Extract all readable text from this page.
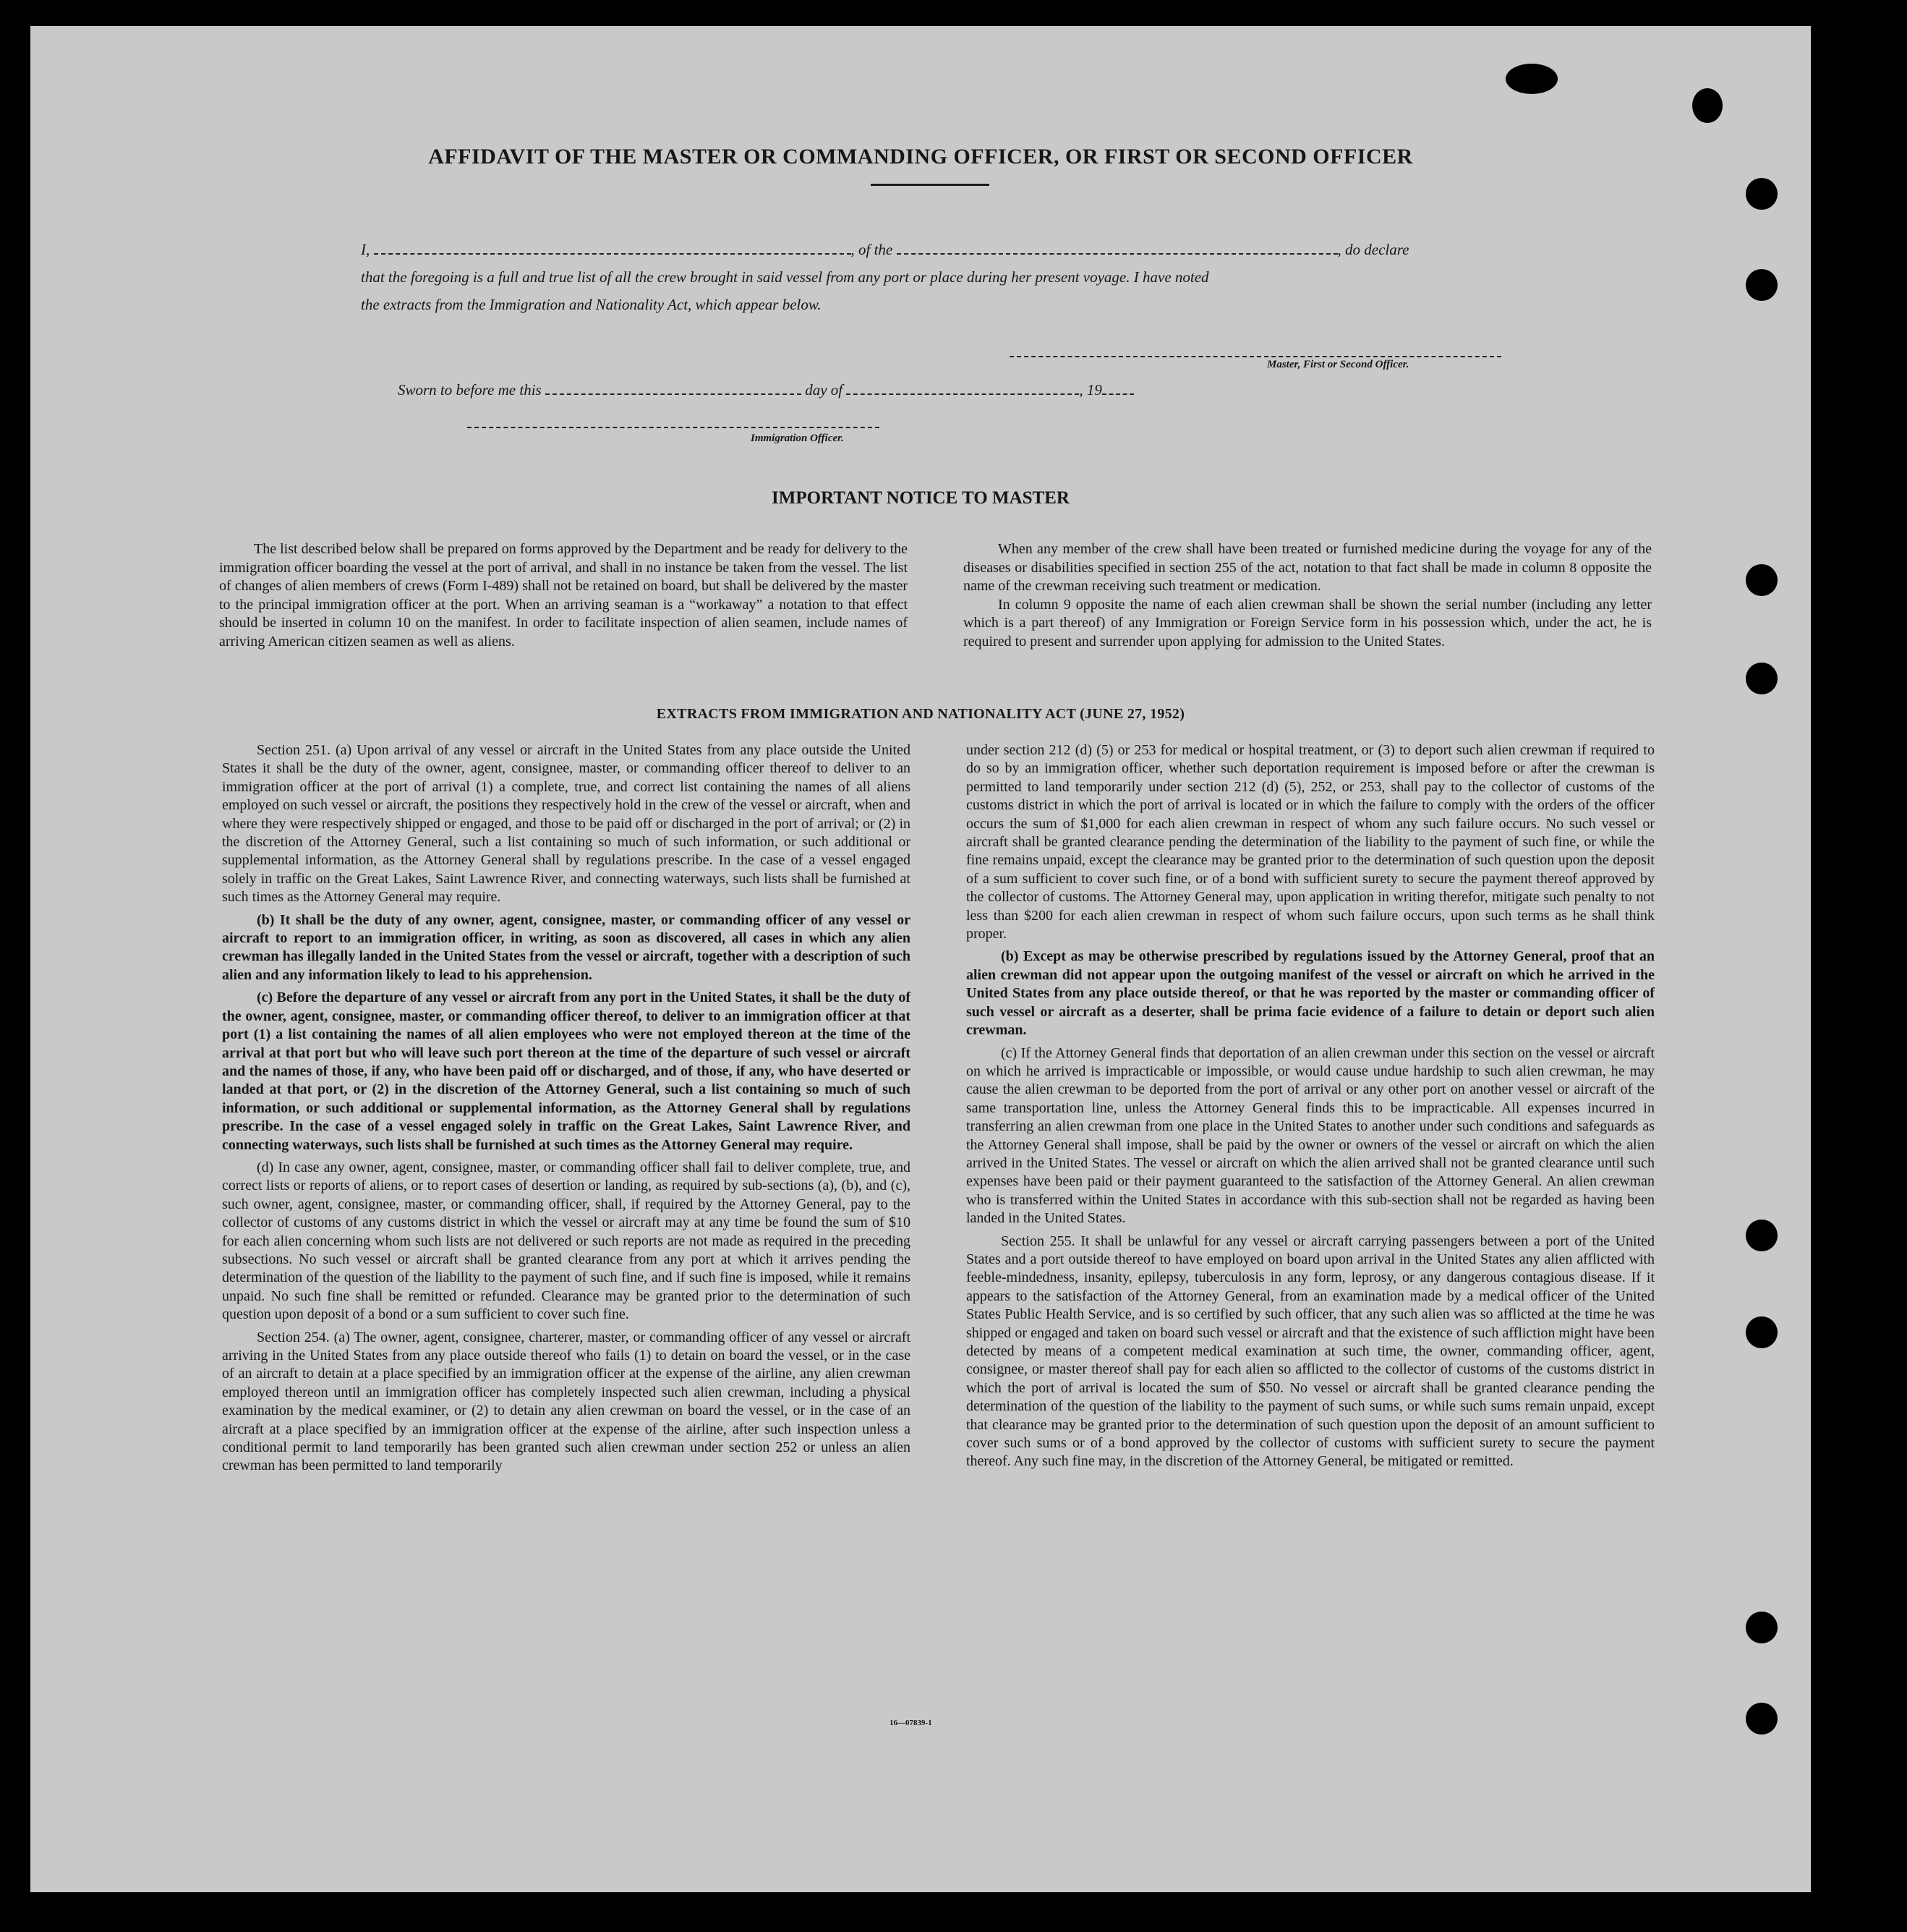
AFFIDAVIT OF THE MASTER OR COMMANDING OFFICER, OR FIRST OR SECOND OFFICER
I,	, of the	, do declare
that the foregoing is a full and true list of all the crew brought in said vessel from any port or place during her present voyage. I have noted
the extracts from the Immigration and Nationality Act, which appear below.
Master, First or Second Officer.
Sworn to before me this	day of	, 19
Immigration Officer.
IMPORTANT NOTICE TO MASTER

The list described below shall be prepared on forms approved by the Department and be ready for delivery to the immigration officer boarding the vessel at the port of arrival, and shall in no instance be taken from the vessel. The list of changes of alien members of crews (Form I-489) shall not be retained on board, but shall be delivered by the master to the principal immigration officer at the port. When an arriving seaman is a “workaway” a notation to that effect should be inserted in column 10 on the manifest. In order to facilitate inspection of alien seamen, include names of arriving American citizen seamen as well as aliens.

When any member of the crew shall have been treated or furnished medicine during the voyage for any of the diseases or disabilities specified in section 255 of the act, notation to that fact shall be made in column 8 opposite the name of the crewman receiving such treatment or medication.

In column 9 opposite the name of each alien crewman shall be shown the serial number (including any letter which is a part thereof) of any Immigration or Foreign Service form in his possession which, under the act, he is required to present and surrender upon applying for admission to the United States.

EXTRACTS FROM IMMIGRATION AND NATIONALITY ACT (JUNE 27, 1952)

Section 251. (a) Upon arrival of any vessel or aircraft in the United States from any place outside the United States it shall be the duty of the owner, agent, consignee, master, or commanding officer thereof to deliver to an immigration officer at the port of arrival (1) a complete, true, and correct list containing the names of all aliens employed on such vessel or aircraft, the positions they respectively hold in the crew of the vessel or aircraft, when and where they were respectively shipped or engaged, and those to be paid off or discharged in the port of arrival; or (2) in the discretion of the Attorney General, such a list containing so much of such information, or such additional or supplemental information, as the Attorney General shall by regulations prescribe. In the case of a vessel engaged solely in traffic on the Great Lakes, Saint Lawrence River, and connecting waterways, such lists shall be furnished at such times as the Attorney General may require.

(b) It shall be the duty of any owner, agent, consignee, master, or commanding officer of any vessel or aircraft to report to an immigration officer, in writing, as soon as discovered, all cases in which any alien crewman has illegally landed in the United States from the vessel or aircraft, together with a description of such alien and any information likely to lead to his apprehension.

(c) Before the departure of any vessel or aircraft from any port in the United States, it shall be the duty of the owner, agent, consignee, master, or commanding officer thereof, to deliver to an immigration officer at that port (1) a list containing the names of all alien employees who were not employed thereon at the time of the arrival at that port but who will leave such port thereon at the time of the departure of such vessel or aircraft and the names of those, if any, who have been paid off or discharged, and of those, if any, who have deserted or landed at that port, or (2) in the discretion of the Attorney General, such a list containing so much of such information, or such additional or supplemental information, as the Attorney General shall by regulations prescribe. In the case of a vessel engaged solely in traffic on the Great Lakes, Saint Lawrence River, and connecting waterways, such lists shall be furnished at such times as the Attorney General may require.

(d) In case any owner, agent, consignee, master, or commanding officer shall fail to deliver complete, true, and correct lists or reports of aliens, or to report cases of desertion or landing, as required by sub-sections (a), (b), and (c), such owner, agent, consignee, master, or commanding officer, shall, if required by the Attorney General, pay to the collector of customs of any customs district in which the vessel or aircraft may at any time be found the sum of $10 for each alien concerning whom such lists are not delivered or such reports are not made as required in the preceding subsections. No such vessel or aircraft shall be granted clearance from any port at which it arrives pending the determination of the question of the liability to the payment of such fine, and if such fine is imposed, while it remains unpaid. No such fine shall be remitted or refunded. Clearance may be granted prior to the determination of such question upon deposit of a bond or a sum sufficient to cover such fine.

Section 254. (a) The owner, agent, consignee, charterer, master, or commanding officer of any vessel or aircraft arriving in the United States from any place outside thereof who fails (1) to detain on board the vessel, or in the case of an aircraft to detain at a place specified by an immigration officer at the expense of the airline, any alien crewman employed thereon until an immigration officer has completely inspected such alien crewman, including a physical examination by the medical examiner, or (2) to detain any alien crewman on board the vessel, or in the case of an aircraft at a place specified by an immigration officer at the expense of the airline, after such inspection unless a conditional permit to land temporarily has been granted such alien crewman under section 252 or unless an alien crewman has been permitted to land temporarily

under section 212 (d) (5) or 253 for medical or hospital treatment, or (3) to deport such alien crewman if required to do so by an immigration officer, whether such deportation requirement is imposed before or after the crewman is permitted to land temporarily under section 212 (d) (5), 252, or 253, shall pay to the collector of customs of the customs district in which the port of arrival is located or in which the failure to comply with the orders of the officer occurs the sum of $1,000 for each alien crewman in respect of whom any such failure occurs. No such vessel or aircraft shall be granted clearance pending the determination of the liability to the payment of such fine, or while the fine remains unpaid, except the clearance may be granted prior to the determination of such question upon the deposit of a sum sufficient to cover such fine, or of a bond with sufficient surety to secure the payment thereof approved by the collector of customs. The Attorney General may, upon application in writing therefor, mitigate such penalty to not less than $200 for each alien crewman in respect of whom such failure occurs, upon such terms as he shall think proper.

(b) Except as may be otherwise prescribed by regulations issued by the Attorney General, proof that an alien crewman did not appear upon the outgoing manifest of the vessel or aircraft on which he arrived in the United States from any place outside thereof, or that he was reported by the master or commanding officer of such vessel or aircraft as a deserter, shall be prima facie evidence of a failure to detain or deport such alien crewman.

(c) If the Attorney General finds that deportation of an alien crewman under this section on the vessel or aircraft on which he arrived is impracticable or impossible, or would cause undue hardship to such alien crewman, he may cause the alien crewman to be deported from the port of arrival or any other port on another vessel or aircraft of the same transportation line, unless the Attorney General finds this to be impracticable. All expenses incurred in transferring an alien crewman from one place in the United States to another under such conditions and safeguards as the Attorney General shall impose, shall be paid by the owner or owners of the vessel or aircraft on which the alien arrived in the United States. The vessel or aircraft on which the alien arrived shall not be granted clearance until such expenses have been paid or their payment guaranteed to the satisfaction of the Attorney General. An alien crewman who is transferred within the United States in accordance with this sub-section shall not be regarded as having been landed in the United States.

Section 255. It shall be unlawful for any vessel or aircraft carrying passengers between a port of the United States and a port outside thereof to have employed on board upon arrival in the United States any alien afflicted with feeble-mindedness, insanity, epilepsy, tuberculosis in any form, leprosy, or any dangerous contagious disease. If it appears to the satisfaction of the Attorney General, from an examination made by a medical officer of the United States Public Health Service, and is so certified by such officer, that any such alien was so afflicted at the time he was shipped or engaged and taken on board such vessel or aircraft and that the existence of such affliction might have been detected by means of a competent medical examination at such time, the owner, commanding officer, agent, consignee, or master thereof shall pay for each alien so afflicted to the collector of customs of the customs district in which the port of arrival is located the sum of $50. No vessel or aircraft shall be granted clearance pending the determination of the question of the liability to the payment of such sums, or while such sums remain unpaid, except that clearance may be granted prior to the determination of such question upon the deposit of an amount sufficient to cover such sums or of a bond approved by the collector of customs with sufficient surety to secure the payment thereof. Any such fine may, in the discretion of the Attorney General, be mitigated or remitted.

16—07839-1
